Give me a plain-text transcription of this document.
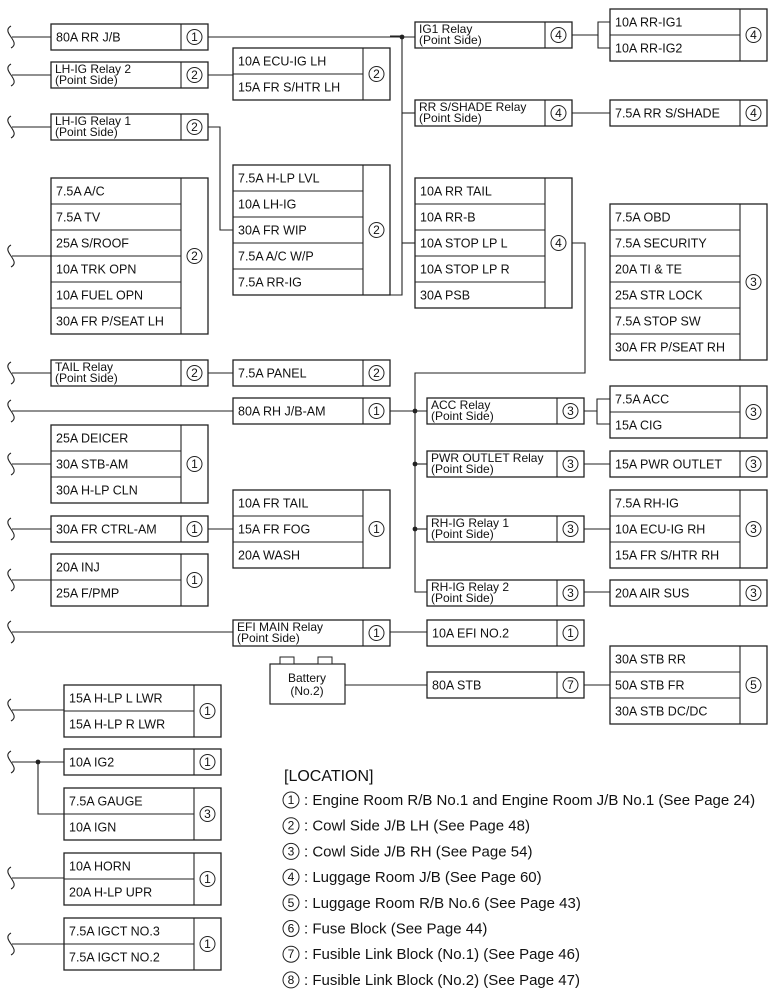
80A RR J/B	1
LH-IG Relay 2
(Point Side)	2
10A ECU-IG LH
15A FR S/HTR LH
2
LH-IG Relay 1
(Point Side)	2
7.5A H-LP LVL
10A LH-IG
30A FR WIP
7.5A A/C W/P
7.5A RR-IG
2
7.5A A/C
7.5A TV
25A S/ROOF
10A TRK OPN
10A FUEL OPN
30A FR P/SEAT LH
2
IG1 Relay
(Point Side)	4
10A RR-IG1
10A RR-IG2
4
RR S/SHADE Relay
(Point Side)	4	7.5A RR S/SHADE	4
10A RR TAIL
10A RR-B
10A STOP LP L
10A STOP LP R
30A PSB
4
7.5A OBD
7.5A SECURITY
20A TI & TE
25A STR LOCK
7.5A STOP SW
30A FR P/SEAT RH
3
TAIL Relay
(Point Side)	2	7.5A PANEL	2
80A RH J/B-AM	1	ACC Relay
(Point Side)	3
7.5A ACC
15A CIG
3
25A DEICER
30A STB-AM
30A H-LP CLN
1	PWR OUTLET Relay
(Point Side)	3	15A PWR OUTLET 3
10A FR TAIL
15A FR FOG
20A WASH
1
30A FR CTRL-AM	1	RH-IG Relay 1
(Point Side)	3
7.5A RH-IG
10A ECU-IG RH
15A FR S/HTR RH
3
20A INJ
25A F/PMP
1	RH-IG Relay 2
(Point Side)	3	20A AIR SUS	3
EFI MAIN Relay
(Point Side)	1	10A EFI NO.2	1
80A STB	7
30A STB RR
50A STB FR
30A STB DC/DC
5
15A H-LP L LWR
15A H-LP R LWR
1
10A IG2	1
7.5A GAUGE
10A IGN
3
10A HORN
20A H-LP UPR
1
7.5A IGCT NO.3
7.5A IGCT NO.2
1
Battery
(No.2)
[LOCATION]
1 : Engine Room R/B No.1 and Engine Room J/B No.1 (See Page 24)
2 : Cowl Side J/B LH (See Page 48)
3 : Cowl Side J/B RH (See Page 54)
4 : Luggage Room J/B (See Page 60)
5 : Luggage Room R/B No.6 (See Page 43)
6 : Fuse Block (See Page 44)
7 : Fusible Link Block (No.1) (See Page 46)
8 : Fusible Link Block (No.2) (See Page 47)
